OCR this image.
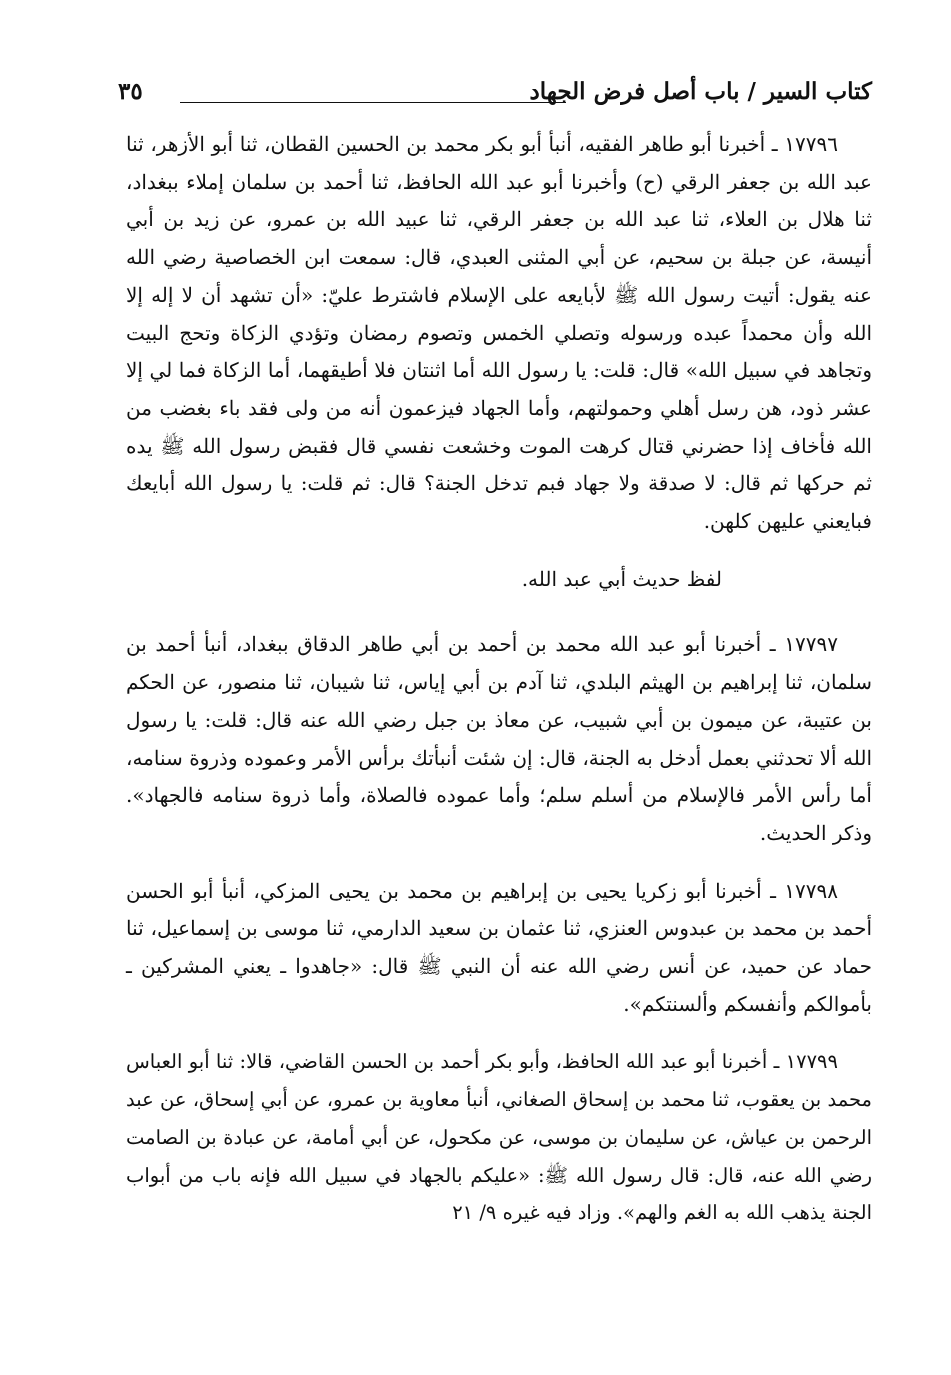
كتاب السير / باب أصل فرض الجهاد
٣٥

١٧٧٩٦ ـ أخبرنا أبو طاهر الفقيه، أنبأ أبو بكر محمد بن الحسين القطان، ثنا أبو الأزهر، ثنا عبد الله بن جعفر الرقي (ح) وأخبرنا أبو عبد الله الحافظ، ثنا أحمد بن سلمان إملاء ببغداد، ثنا هلال بن العلاء، ثنا عبد الله بن جعفر الرقي، ثنا عبيد الله بن عمرو، عن زيد بن أبي أنيسة، عن جبلة بن سحيم، عن أبي المثنى العبدي، قال: سمعت ابن الخصاصية رضي الله عنه يقول: أتيت رسول الله ﷺ لأبايعه على الإسلام فاشترط عليّ: «أن تشهد أن لا إله إلا الله وأن محمداً عبده ورسوله وتصلي الخمس وتصوم رمضان وتؤدي الزكاة وتحج البيت وتجاهد في سبيل الله» قال: قلت: يا رسول الله أما اثنتان فلا أطيقهما، أما الزكاة فما لي إلا عشر ذود، هن رسل أهلي وحمولتهم، وأما الجهاد فيزعمون أنه من ولى فقد باء بغضب من الله فأخاف إذا حضرني قتال كرهت الموت وخشعت نفسي قال فقبض رسول الله ﷺ يده ثم حركها ثم قال: لا صدقة ولا جهاد فبم تدخل الجنة؟ قال: ثم قلت: يا رسول الله أبايعك فبايعني عليهن كلهن.

لفظ حديث أبي عبد الله.

١٧٧٩٧ ـ أخبرنا أبو عبد الله محمد بن أحمد بن أبي طاهر الدقاق ببغداد، أنبأ أحمد بن سلمان، ثنا إبراهيم بن الهيثم البلدي، ثنا آدم بن أبي إياس، ثنا شيبان، ثنا منصور، عن الحكم بن عتيبة، عن ميمون بن أبي شبيب، عن معاذ بن جبل رضي الله عنه قال: قلت: يا رسول الله ألا تحدثني بعمل أدخل به الجنة، قال: إن شئت أنبأتك برأس الأمر وعموده وذروة سنامه، أما رأس الأمر فالإسلام من أسلم سلم؛ وأما عموده فالصلاة، وأما ذروة سنامه فالجهاد». وذكر الحديث.

١٧٧٩٨ ـ أخبرنا أبو زكريا يحيى بن إبراهيم بن محمد بن يحيى المزكي، أنبأ أبو الحسن أحمد بن محمد بن عبدوس العنزي، ثنا عثمان بن سعيد الدارمي، ثنا موسى بن إسماعيل، ثنا حماد عن حميد، عن أنس رضي الله عنه أن النبي ﷺ قال: «جاهدوا ـ يعني المشركين ـ بأموالكم وأنفسكم وألسنتكم».

١٧٧٩٩ ـ أخبرنا أبو عبد الله الحافظ، وأبو بكر أحمد بن الحسن القاضي، قالا: ثنا أبو العباس محمد بن يعقوب، ثنا محمد بن إسحاق الصغاني، أنبأ معاوية بن عمرو، عن أبي إسحاق، عن عبد الرحمن بن عياش، عن سليمان بن موسى، عن مكحول، عن أبي أمامة، عن عبادة بن الصامت رضي الله عنه، قال: قال رسول الله ﷺ: «عليكم بالجهاد في سبيل الله فإنه باب من أبواب الجنة يذهب الله به الغم والهم». وزاد فيه غيره ٩/ ٢١
